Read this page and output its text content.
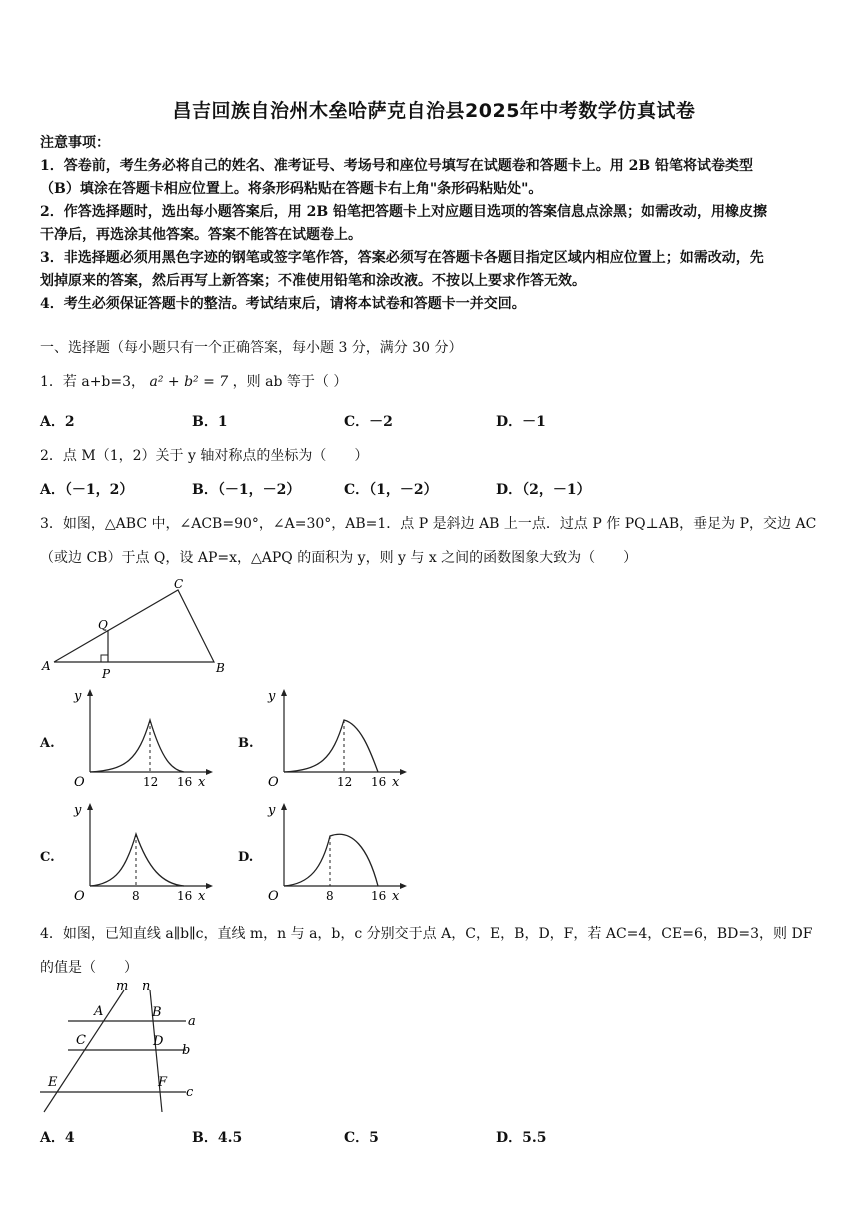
昌吉回族自治州木垒哈萨克自治县2025年中考数学仿真试卷
注意事项：
1．答卷前，考生务必将自己的姓名、准考证号、考场号和座位号填写在试题卷和答题卡上。用 2B 铅笔将试卷类型
（B）填涂在答题卡相应位置上。将条形码粘贴在答题卡右上角"条形码粘贴处"。
2．作答选择题时，选出每小题答案后，用 2B 铅笔把答题卡上对应题目选项的答案信息点涂黑；如需改动，用橡皮擦
干净后，再选涂其他答案。答案不能答在试题卷上。
3．非选择题必须用黑色字迹的钢笔或签字笔作答，答案必须写在答题卡各题目指定区域内相应位置上；如需改动，先
划掉原来的答案，然后再写上新答案；不准使用铅笔和涂改液。不按以上要求作答无效。
4．考生必须保证答题卡的整洁。考试结束后，请将本试卷和答题卡一并交回。
一、选择题（每小题只有一个正确答案，每小题 3 分，满分 30 分）
1．若 a+b=3， a² + b² = 7 ，则 ab 等于（ ）
A．2	B．1	C．－2	D．－1
2．点 M（1，2）关于 y 轴对称点的坐标为（　　）
A．（－1，2）	B．（－1，－2）	C．（1，－2）	D．（2，－1）
3．如图，△ABC 中，∠ACB=90°，∠A=30°，AB=1．点 P 是斜边 AB 上一点．过点 P 作 PQ⊥AB，垂足为 P，交边 AC
（或边 CB）于点 Q，设 AP=x，△APQ 的面积为 y，则 y 与 x 之间的函数图象大致为（　　）
A
C
B
P
Q
A.
y
O	12 16 x
B.
y
O	12 16 x
C.
y
O	8	16 x
D.
y
O	8	16 x
4．如图，已知直线 a∥b∥c，直线 m，n 与 a，b，c 分别交于点 A，C，E，B，D，F，若 AC=4，CE=6，BD=3，则 DF
的值是（　　）
m n
A	B
C	D
E	F
a
b
c
A．4	B．4.5	C．5	D．5.5
